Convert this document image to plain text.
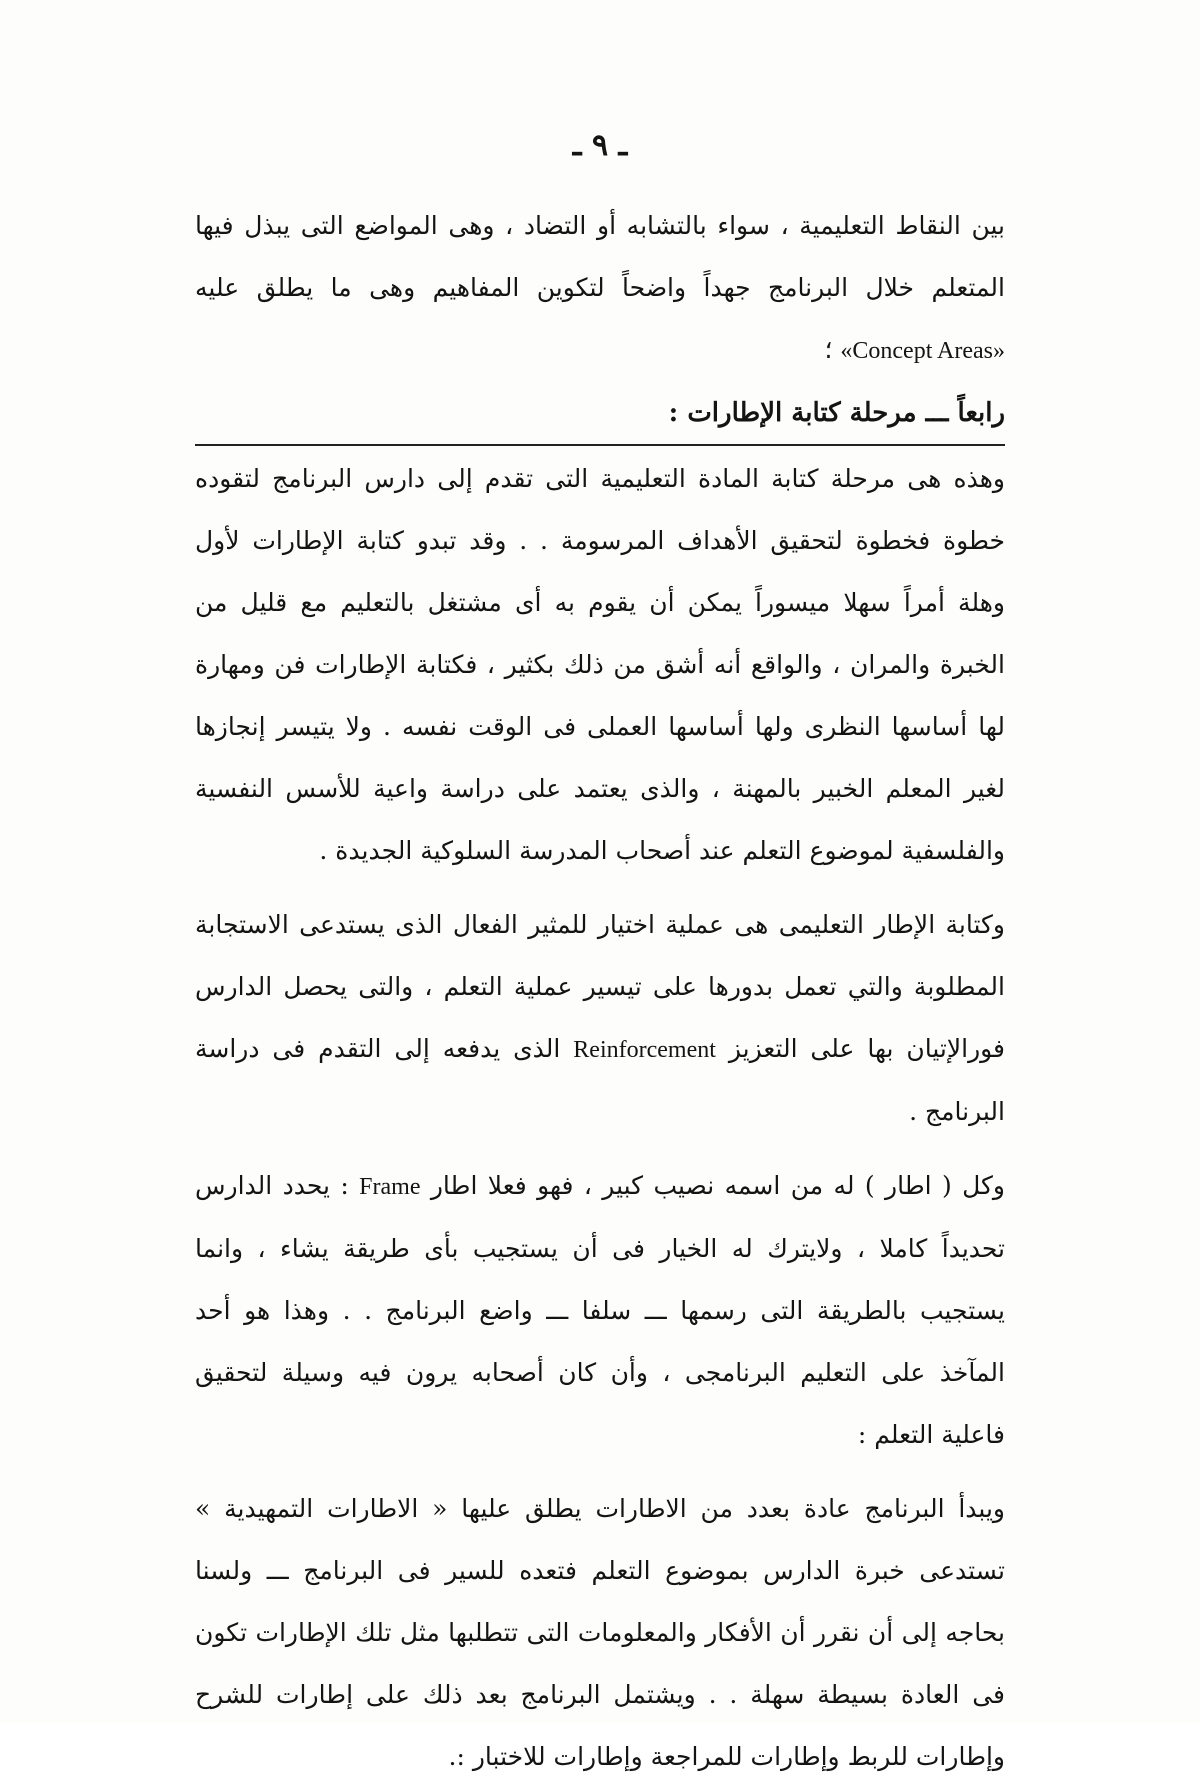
ـ ٩ ـ

بين النقاط التعليمية ، سواء بالتشابه أو التضاد ، وهى المواضع التى يبذل فيها المتعلم خلال البرنامج جهداً واضحاً لتكوين المفاهيم وهى ما يطلق عليه «Concept Areas» ؛

رابعاً ـــ مرحلة كتابة الإطارات :

وهذه هى مرحلة كتابة المادة التعليمية التى تقدم إلى دارس البرنامج لتقوده خطوة فخطوة لتحقيق الأهداف المرسومة . . وقد تبدو كتابة الإطارات لأول وهلة أمراً سهلا ميسوراً يمكن أن يقوم به أى مشتغل بالتعليم مع قليل من الخبرة والمران ، والواقع أنه أشق من ذلك بكثير ، فكتابة الإطارات فن ومهارة لها أساسها النظرى ولها أساسها العملى فى الوقت نفسه . ولا يتيسر إنجازها لغير المعلم الخبير بالمهنة ، والذى يعتمد على دراسة واعية للأسس النفسية والفلسفية لموضوع التعلم عند أصحاب المدرسة السلوكية الجديدة .

وكتابة الإطار التعليمى هى عملية اختيار للمثير الفعال الذى يستدعى الاستجابة المطلوبة والتي تعمل بدورها على تيسير عملية التعلم ، والتى يحصل الدارس فورالإتيان بها على التعزيز Reinforcement الذى يدفعه إلى التقدم فى دراسة البرنامج .

وكل ( اطار ) له من اسمه نصيب كبير ، فهو فعلا اطار Frame : يحدد الدارس تحديداً كاملا ، ولايترك له الخيار فى أن يستجيب بأى طريقة يشاء ، وانما يستجيب بالطريقة التى رسمها ـــ سلفا ـــ واضع البرنامج . . وهذا هو أحد المآخذ على التعليم البرنامجى ، وأن كان أصحابه يرون فيه وسيلة لتحقيق فاعلية التعلم :

ويبدأ البرنامج عادة بعدد من الاطارات يطلق عليها « الاطارات التمهيدية » تستدعى خبرة الدارس بموضوع التعلم فتعده للسير فى البرنامج ـــ ولسنا بحاجه إلى أن نقرر أن الأفكار والمعلومات التى تتطلبها مثل تلك الإطارات تكون فى العادة بسيطة سهلة . . ويشتمل البرنامج بعد ذلك على إطارات للشرح وإطارات للربط وإطارات للمراجعة وإطارات للاختبار :.
